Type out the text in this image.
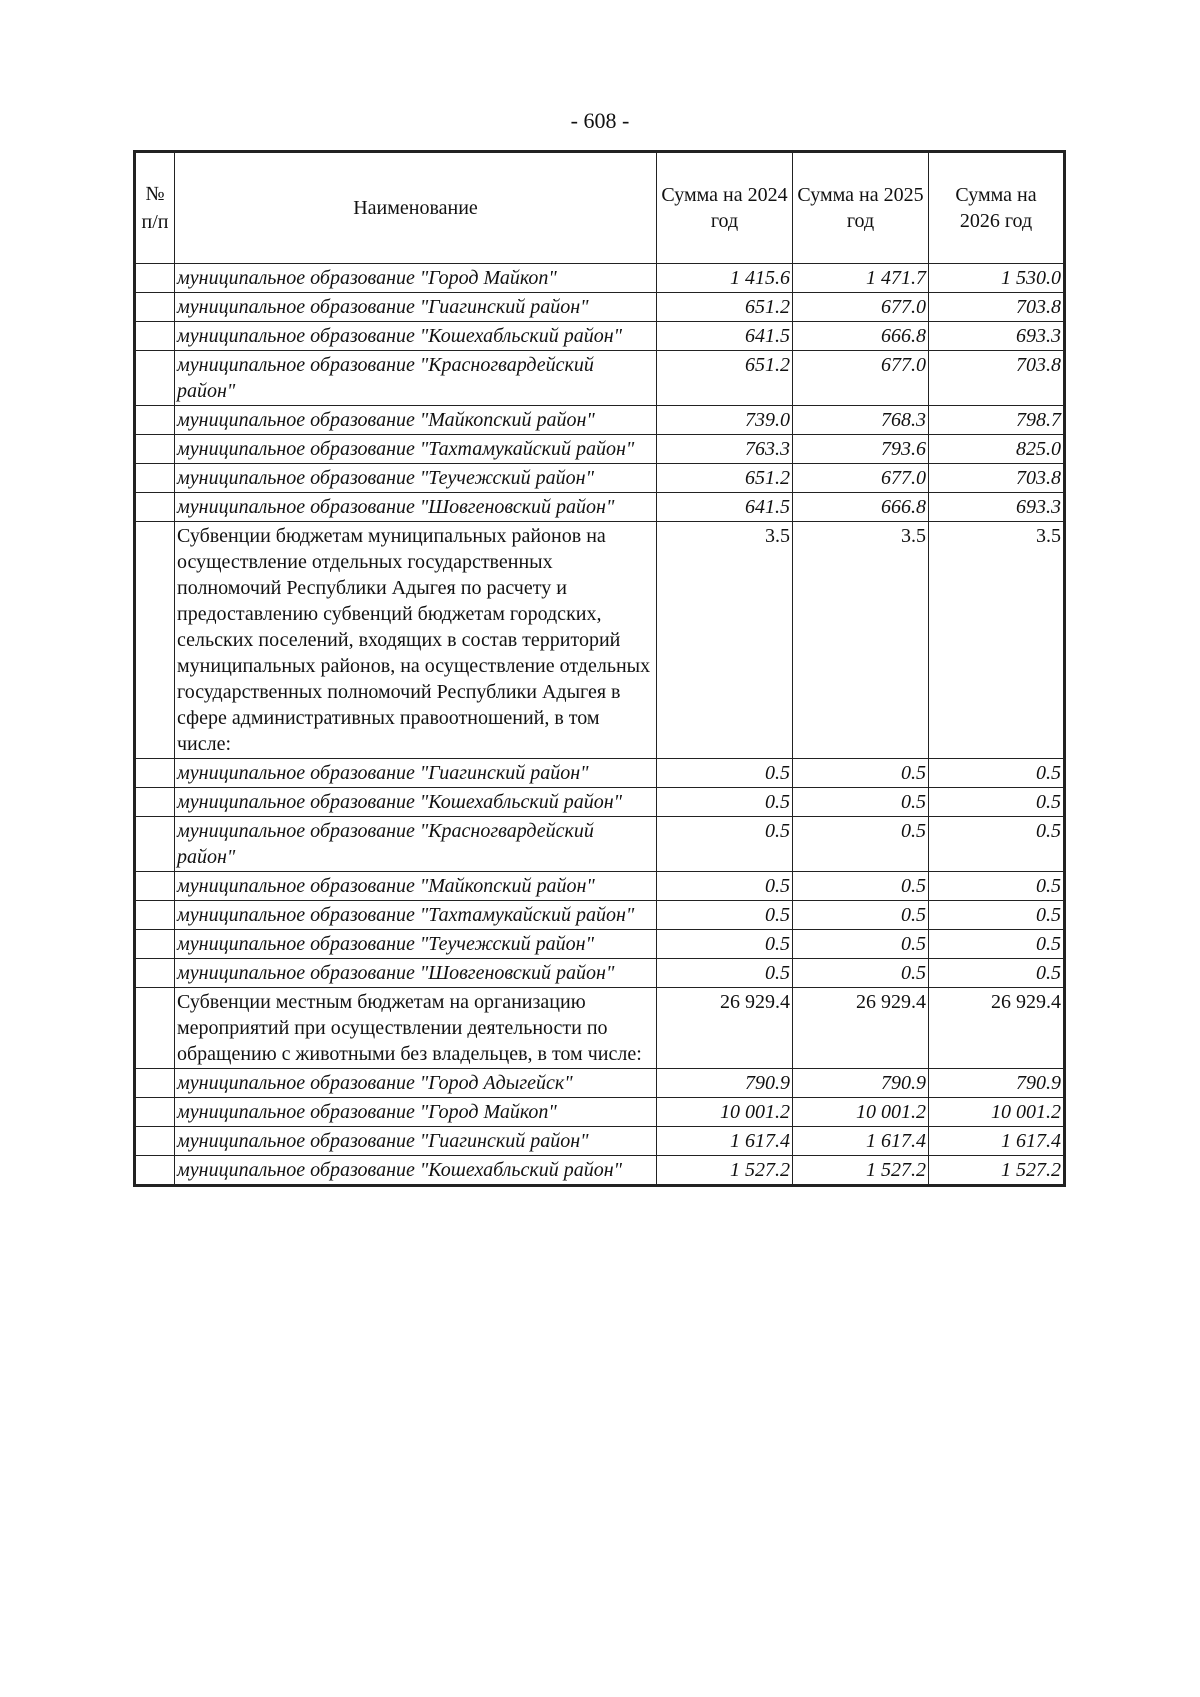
- 608 -
№ п/п	Наименование	Сумма на 2024 год	Сумма на 2025 год	Сумма на 2026 год
	муниципальное образование "Город Майкоп"	1 415.6	1 471.7	1 530.0
	муниципальное образование "Гиагинский район"	651.2	677.0	703.8
	муниципальное образование "Кошехабльский район"	641.5	666.8	693.3
	муниципальное образование "Красногвардейский район"	651.2	677.0	703.8
	муниципальное образование "Майкопский район"	739.0	768.3	798.7
	муниципальное образование "Тахтамукайский район"	763.3	793.6	825.0
	муниципальное образование "Теучежский район"	651.2	677.0	703.8
	муниципальное образование "Шовгеновский район"	641.5	666.8	693.3
	Субвенции бюджетам муниципальных районов на осуществление отдельных государственных полномочий Республики Адыгея по расчету и предоставлению субвенций бюджетам городских, сельских поселений, входящих в состав территорий муниципальных районов, на осуществление отдельных государственных полномочий Республики Адыгея в сфере административных правоотношений, в том числе:	3.5	3.5	3.5
	муниципальное образование "Гиагинский район"	0.5	0.5	0.5
	муниципальное образование "Кошехабльский район"	0.5	0.5	0.5
	муниципальное образование "Красногвардейский район"	0.5	0.5	0.5
	муниципальное образование "Майкопский район"	0.5	0.5	0.5
	муниципальное образование "Тахтамукайский район"	0.5	0.5	0.5
	муниципальное образование "Теучежский район"	0.5	0.5	0.5
	муниципальное образование "Шовгеновский район"	0.5	0.5	0.5
	Субвенции местным бюджетам на организацию мероприятий при осуществлении деятельности по обращению с животными без владельцев, в том числе:	26 929.4	26 929.4	26 929.4
	муниципальное образование "Город Адыгейск"	790.9	790.9	790.9
	муниципальное образование "Город Майкоп"	10 001.2	10 001.2	10 001.2
	муниципальное образование "Гиагинский район"	1 617.4	1 617.4	1 617.4
	муниципальное образование "Кошехабльский район"	1 527.2	1 527.2	1 527.2
